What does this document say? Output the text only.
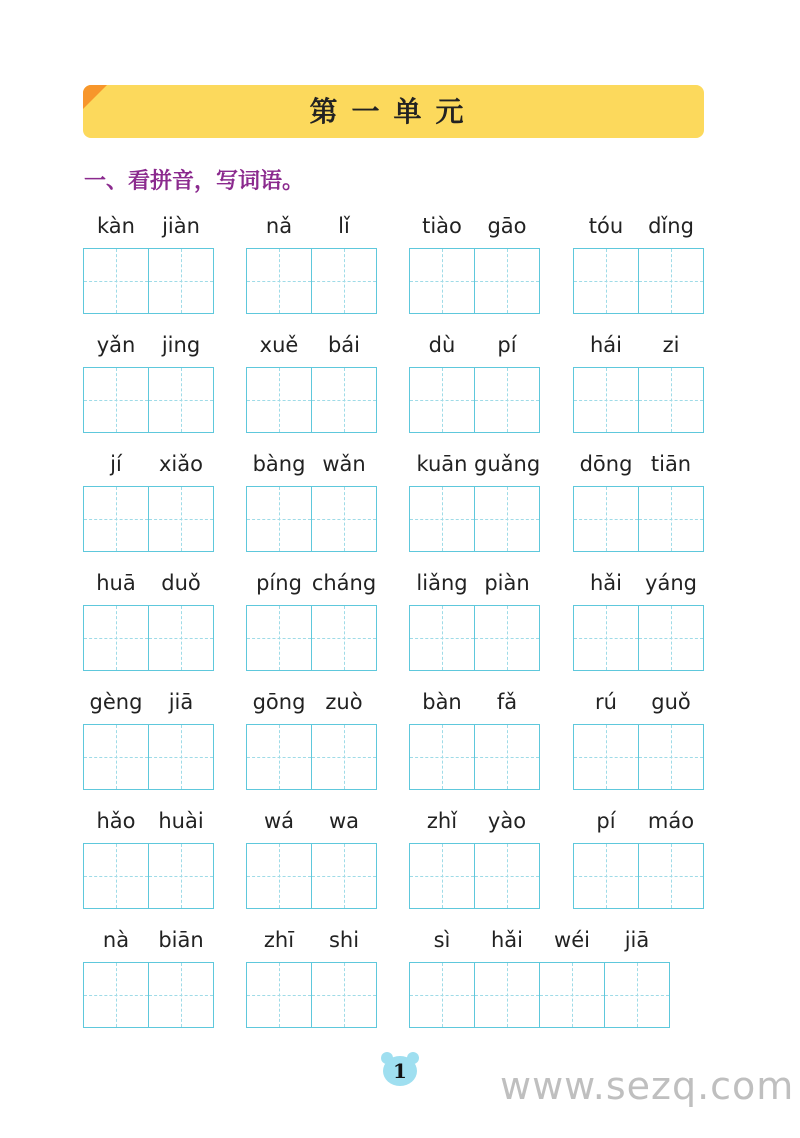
第一单元
一、看拼音，写词语。
kàn	jiàn	nǎ	lǐ	tiào	gāo	tóu	dǐng
yǎn	jing	xuě	bái	dù	pí	hái	zi
jí	xiǎo	bàng wǎn	kuān guǎng	dōng tiān
huā	duǒ	píng cháng	liǎng piàn	hǎi	yáng
gèng	jiā	gōng zuò	bàn	fǎ	rú	guǒ
hǎo	huài	wá	wa	zhǐ	yào	pí	máo
nà	biān	zhī	shi	sì	hǎi	wéi	jiā
1 www.sezq.com
